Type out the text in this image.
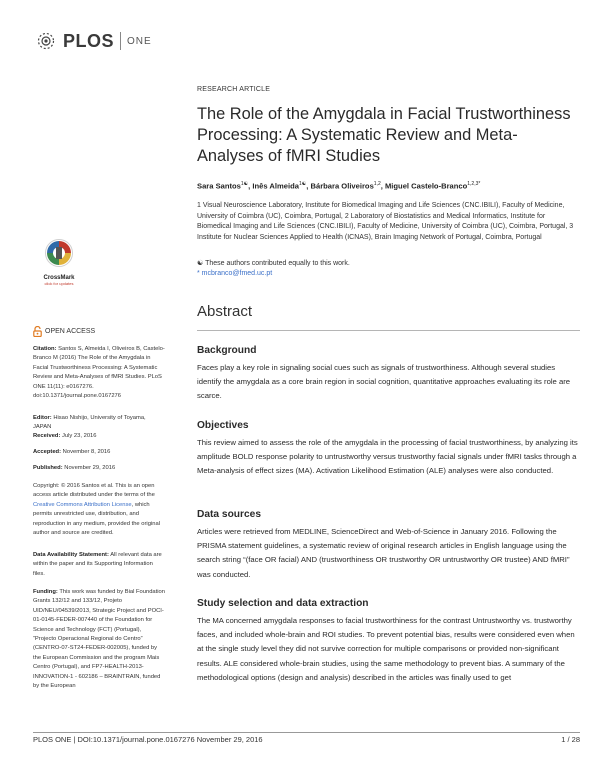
PLOS ONE
RESEARCH ARTICLE
The Role of the Amygdala in Facial Trustworthiness Processing: A Systematic Review and Meta-Analyses of fMRI Studies
Sara Santos$^{1☯}$, Inês Almeida$^{1☯}$, Bárbara Oliveiros$^{1,2}$, Miguel Castelo-Branco$^{1,2,3*}$
1 Visual Neuroscience Laboratory, Institute for Biomedical Imaging and Life Sciences (CNC.IBILI), Faculty of Medicine, University of Coimbra (UC), Coimbra, Portugal, 2 Laboratory of Biostatistics and Medical Informatics, Institute for Biomedical Imaging and Life Sciences (CNC.IBILI), Faculty of Medicine, University of Coimbra (UC), Coimbra, Portugal, 3 Institute for Nuclear Sciences Applied to Health (ICNAS), Brain Imaging Network of Portugal, Coimbra, Portugal
☯ These authors contributed equally to this work.
* mcbranco@fmed.uc.pt
CrossMark
click for updates
Abstract
Background
Faces play a key role in signaling social cues such as signals of trustworthiness. Although several studies identify the amygdala as a core brain region in social cognition, quantitative approaches evaluating its role are scarce.
Objectives
This review aimed to assess the role of the amygdala in the processing of facial trustworthiness, by analyzing its amplitude BOLD response polarity to untrustworthy versus trustworthy facial signals under fMRI tasks through a Meta-analysis of effect sizes (MA). Activation Likelihood Estimation (ALE) analyses were also conducted.
Data sources
Articles were retrieved from MEDLINE, ScienceDirect and Web-of-Science in January 2016. Following the PRISMA statement guidelines, a systematic review of original research articles in English language using the search string “(face OR facial) AND (trustworthiness OR trustworthy OR untrustworthy OR trustee) AND fMRI” was conducted.
Study selection and data extraction
The MA concerned amygdala responses to facial trustworthiness for the contrast Untrustworthy vs. trustworthy faces, and included whole-brain and ROI studies. To prevent potential bias, results were considered even when at the single study level they did not survive correction for multiple comparisons or provided non-significant results. ALE considered whole-brain studies, using the same methodology to prevent bias. A summary of the methodological options (design and analysis) described in the articles was finally used to get
OPEN ACCESS
Citation: Santos S, Almeida I, Oliveiros B, Castelo-Branco M (2016) The Role of the Amygdala in Facial Trustworthiness Processing: A Systematic Review and Meta-Analyses of fMRI Studies. PLoS ONE 11(11): e0167276. doi:10.1371/journal.pone.0167276
Editor: Hisao Nishijo, University of Toyama, JAPAN
Received: July 23, 2016
Accepted: November 8, 2016
Published: November 29, 2016
Copyright: © 2016 Santos et al. This is an open access article distributed under the terms of the Creative Commons Attribution License, which permits unrestricted use, distribution, and reproduction in any medium, provided the original author and source are credited.
Data Availability Statement: All relevant data are within the paper and its Supporting Information files.
Funding: This work was funded by Bial Foundation Grants 132/12 and 133/12, Projeto UID/NEU/04539/2013, Strategic Project and POCI-01-0145-FEDER-007440 of the Foundation for Science and Technology (FCT) (Portugal), “Projecto Operacional Regional do Centro” (CENTRO-07-ST24-FEDER-002005), funded by the European Commission and the program Mais Centro (Portugal), and FP7-HEALTH-2013-INNOVATION-1 - 602186 – BRAINTRAIN, funded by the European
PLOS ONE | DOI:10.1371/journal.pone.0167276 November 29, 2016	1 / 28
